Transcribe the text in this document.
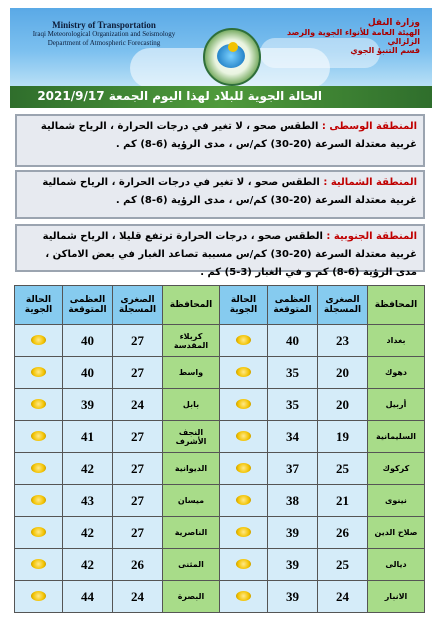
Ministry of Transportation
Iraqi Meteorological Organization and Seismology
Department of Atmospheric Forecasting
وزارة النقل
الهيئة العامة للأنواء الجوية والرصد الزلزالي
قسم التنبؤ الجوي
الحالة الجوية للبلاد لهذا اليوم الجمعة 2021/9/17
المنطقة الوسطى : الطقس صحو ، لا تغير في درجات الحرارة ، الرياح شمالية غربية معتدلة السرعة (20-30) كم/س ، مدى الرؤية (6-8) كم .
المنطقة الشمالية : الطقس صحو ، لا تغير في درجات الحرارة ، الرياح شمالية غربية معتدلة السرعة (20-30) كم/س ، مدى الرؤية (6-8) كم .
المنطقة الجنوبية : الطقس صحو ، درجات الحرارة ترتفع قليلا ، الرياح شمالية غربية معتدلة السرعة (20-30) كم/س مسببة تصاعد الغبار في بعض الاماكن ، مدى الرؤية (6-8) كم و في الغبار (3-5) كم .
المحافظة	الصغرى المسجلة	العظمى المتوقعة	الحالة الجوية	المحافظة	الصغرى المسجلة	العظمى المتوقعة	الحالة الجوية
بغداد	23	40		كربلاء المقدسة	27	40	
دهوك	20	35		واسط	27	40	
أربيل	20	35		بابل	24	39	
السليمانية	19	34		النجف الأشرف	27	41	
كركوك	25	37		الديوانية	27	42	
نينوى	21	38		ميسان	27	43	
صلاح الدين	26	39		الناصرية	27	42	
ديالى	25	39		المثنى	26	42	
الانبار	24	39		البصرة	24	44	
